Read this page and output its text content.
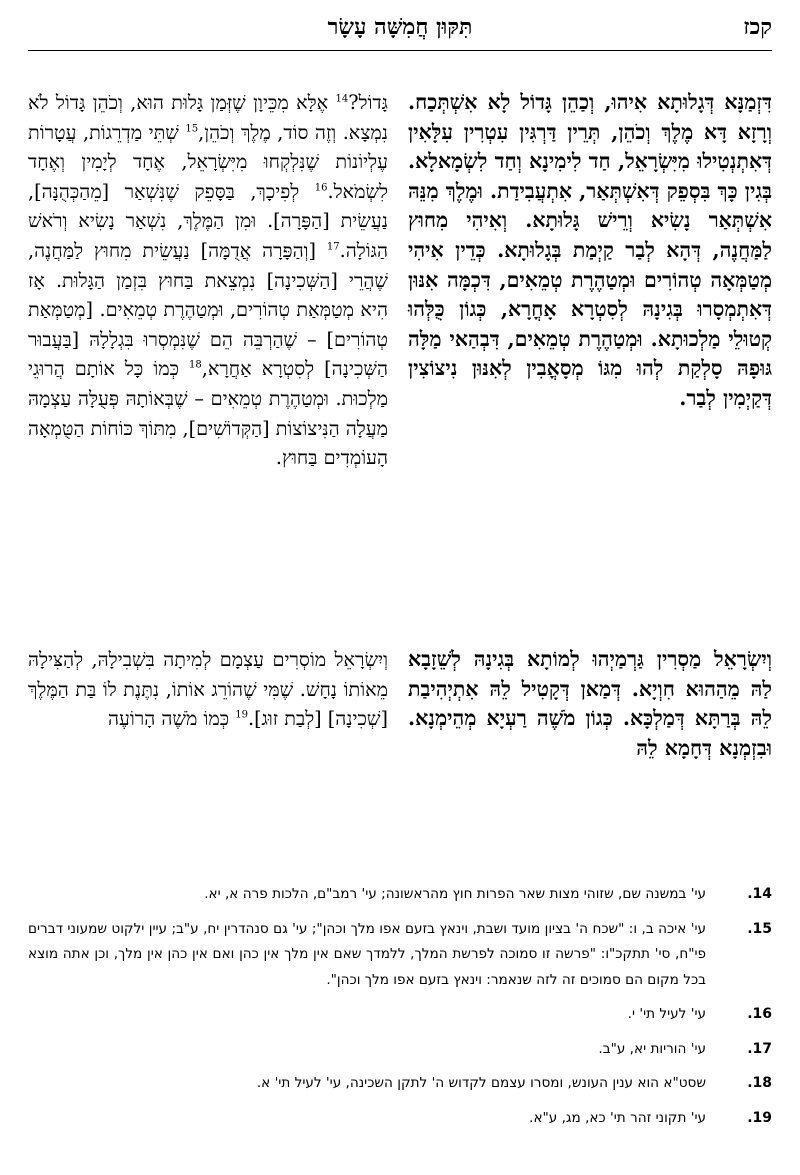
קכז
תִּקּוּן חֲמִשָּׁה עָשָׂר
דִּזְמַנָּא דְּגָלוּתָא אִיהוּ, וְכַהֵן גָּדוֹל לָא אִשְׁתְּכַח. וְרָזָא דָּא מֶלֶךְ וְכֹהֵן, תְּרֵין דַּרְגִּין עִטְרִין עִלָּאִין דְּאִתְנְטִילוּ מִיִּשְׂרָאֵל, חַד לִימִינָא וְחַד לִשְׂמָאלָא. בְּגִין כָּךְ בִּסְפֵק דְּאִשְׁתְּאַר, אִתְעֲבִידַת. וּמֶלֶךְ מִנֵּהּ אִשְׁתְּאַר נָשִׂיא וְרֵישׁ גָּלוּתָא. וְאִיהִי מִחוּץ לַמַּחֲנֶה, דְּהָא לְבַר קַיְמַת בְּגָלוּתָא. כְּדֵין אִיהִי מְטַמְּאָה טְהוֹרִים וּמְטַהֶרֶת טְמֵאִים, דִּכְמָּה אִנּוּן דְּאִתְמְסָרוּ בְּגִינָהּ לְסִטְרָא אָחֳרָא, כְּגוֹן כֻּלְּהוּ קְטוּלֵי מַלְכוּתָא. וּמְטַהֶרֶת טְמֵאִים, דִּבְהַאי מַלָּה גּוּפָהּ סָלְקַת לְהוּ מִגּוֹ מְסָאֳבִין לְאִנּוּן נִיצוֹצִין דְּקַיְמִין לְבַר.
גָּדוֹל?$^{14}$ אֶלָּא מִכֵּיוָן שֶׁזְּמַן גָּלוּת הוּא, וְכֹהֵן גָּדוֹל לֹא נִמְצָא. וְזֶה סוֹד, מֶלֶךְ וְכֹהֵן,$^{15}$ שְׁתֵּי מַדְרֵגוֹת, עֲטָרוֹת עֶלְיוֹנוֹת שֶׁנִּלְקְחוּ מִיִּשְׂרָאֵל, אֶחָד לְיָמִין וְאֶחָד לִשְׂמֹאל.$^{16}$ לְפִיכָךְ, בַּסָּפֵק שֶׁנִּשְׁאַר [מֵהַכְּהֻנָּה], נַעֲשֵׂית [הַפָּרָה]. וּמִן הַמֶּלֶךְ, נִשְׁאַר נָשִׂיא וְרֹאשׁ הַגּוֹלָה.$^{17}$ [וְהַפָּרָה אֲדֻמָּה] נַעֲשֵׂית מִחוּץ לַמַּחֲנֶה, שֶׁהֲרֵי [הַשְּׁכִינָה] נִמְצֵאת בַּחוּץ בִּזְמַן הַגָּלוּת. אָז הִיא מְטַמְּאַת טְהוֹרִים, וּמְטַהֶרֶת טְמֵאִים. [מְטַמְּאַת טְהוֹרִים] – שֶׁהַרְבֵּה הֵם שֶׁנִּמְסְרוּ בִּגְלָלָהּ [בַּעֲבוּר הַשְּׁכִינָה] לְסִטְרָא אַחֲרָא,$^{18}$ כְּמוֹ כָּל אוֹתָם הֲרוּגֵי מַלְכוּת. וּמְטַהֶרֶת טְמֵאִים – שֶׁבְּאוֹתָהּ פְּעֻלָּה עַצְמָהּ מַעֲלָה הַנִּיצוֹצוֹת [הַקְּדוֹשִׁים], מִתּוֹךְ כּוֹחוֹת הַטֻּמְאָה הָעוֹמְדִים בַּחוּץ.
וְיִשְׂרָאֵל מַסְרִין גַּרְמַיְהוּ לְמוֹתָא בְּגִינָהּ לְשֵׁזָבָא לַהּ מֵהַהוּא חִוְיָא. דְּמַאן דְּקָטִיל לֵהּ אִתְיְהִיבַת לֵהּ בְּרַתָּא דְּמַלְכָּא. כְּגוֹן מֹשֶׁה רַעְיָא מְהֵימְנָא. וּבִזְמְנָא דְּחָמָא לֵהּ
וְיִשְׂרָאֵל מוֹסְרִים עַצְמָם לְמִיתָה בִּשְׁבִילָהּ, לְהַצִּילָהּ מֵאוֹתוֹ נָחָשׁ. שֶׁמִּי שֶׁהוֹרֵג אוֹתוֹ, נִתֶּנֶת לוֹ בַּת הַמֶּלֶךְ [שְׁכִינָה] [לְבַת זוּג].$^{19}$ כְּמוֹ מֹשֶׁה הָרוֹעֶה
14.
עי' במשנה שם, שזוהי מצות שאר הפרות חוץ מהראשונה; עי' רמב"ם, הלכות פרה א, יא.
15.
עי' איכה ב, ו: "שכח ה' בציון מועד ושבת, וינאץ בזעם אפו מלך וכהן"; עי' גם סנהדרין יח, ע"ב; עיין ילקוט שמעוני דברים פי"ח, סי' תתקכ"ו: "פרשה זו סמוכה לפרשת המלך, ללמדך שאם אין מלך אין כהן ואם אין כהן אין מלך, וכן אתה מוצא בכל מקום הם סמוכים זה לזה שנאמר: וינאץ בזעם אפו מלך וכהן".
16.
עי' לעיל תי' י.
17.
עי' הוריות יא, ע"ב.
18.
שסט"א הוא ענין העונש, ומסרו עצמם לקדוש ה' לתקן השכינה, עי' לעיל תי' א.
19.
עי' תקוני זהר תי' כא, מג, ע"א.
